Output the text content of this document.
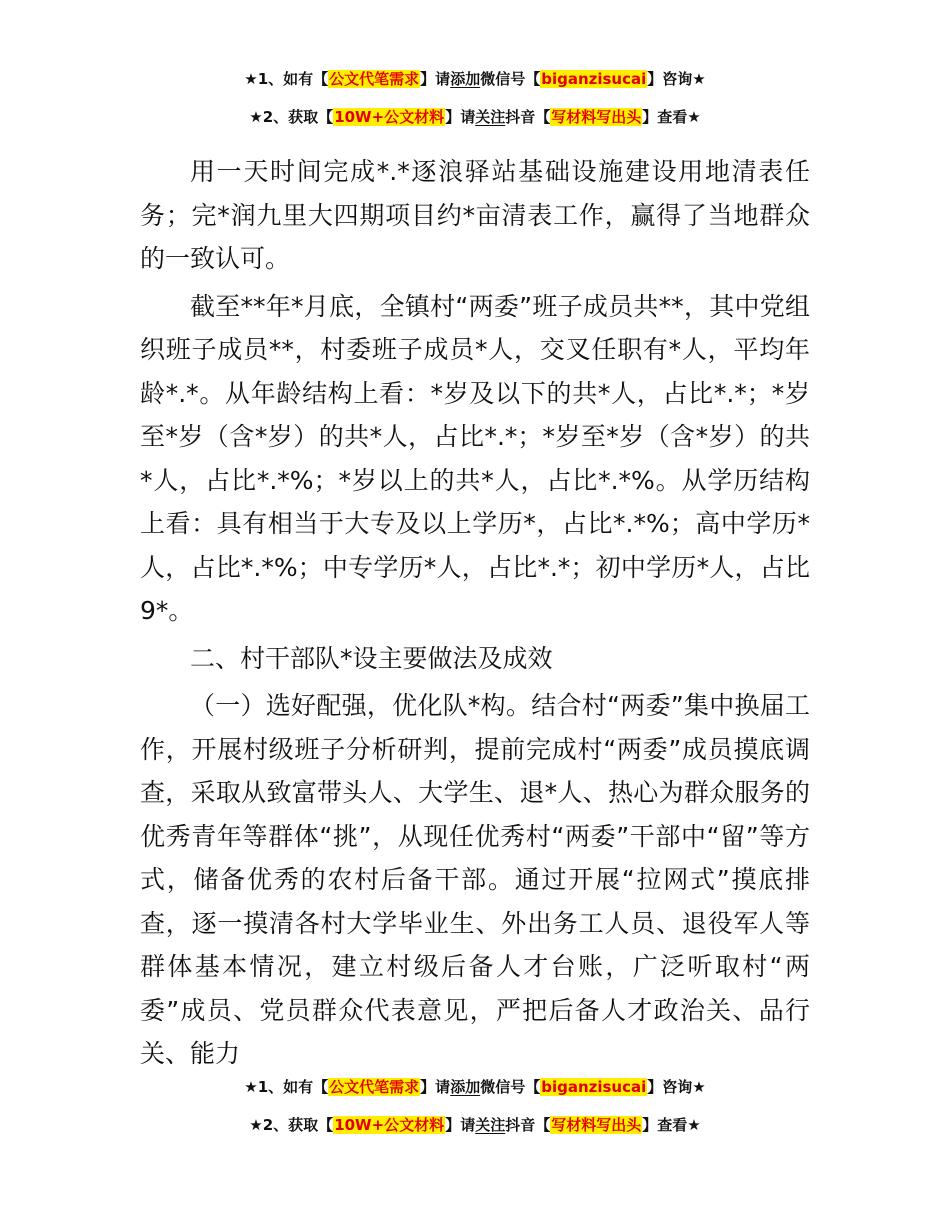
★1、如有【公文代笔需求】请添加微信号【biganzisucai】咨询★
★2、获取【10W+公文材料】请关注抖音【写材料写出头】查看★

用一天时间完成*.*逐浪驿站基础设施建设用地清表任务；完*润九里大四期项目约*亩清表工作，赢得了当地群众的一致认可。

截至**年*月底，全镇村“两委”班子成员共**，其中党组织班子成员**，村委班子成员*人，交叉任职有*人，平均年龄*.*。从年龄结构上看：*岁及以下的共*人，占比*.*；*岁至*岁（含*岁）的共*人，占比*.*；*岁至*岁（含*岁）的共*人，占比*.*%；*岁以上的共*人，占比*.*%。从学历结构上看：具有相当于大专及以上学历*，占比*.*%；高中学历*人，占比*.*%；中专学历*人，占比*.*；初中学历*人，占比9*。

二、村干部队*设主要做法及成效

（一）选好配强，优化队*构。结合村“两委”集中换届工作，开展村级班子分析研判，提前完成村“两委”成员摸底调查，采取从致富带头人、大学生、退*人、热心为群众服务的优秀青年等群体“挑”，从现任优秀村“两委”干部中“留”等方式，储备优秀的农村后备干部。通过开展“拉网式”摸底排查，逐一摸清各村大学毕业生、外出务工人员、退役军人等群体基本情况，建立村级后备人才台账，广泛听取村“两委”成员、党员群众代表意见，严把后备人才政治关、品行关、能力

★1、如有【公文代笔需求】请添加微信号【biganzisucai】咨询★
★2、获取【10W+公文材料】请关注抖音【写材料写出头】查看★
